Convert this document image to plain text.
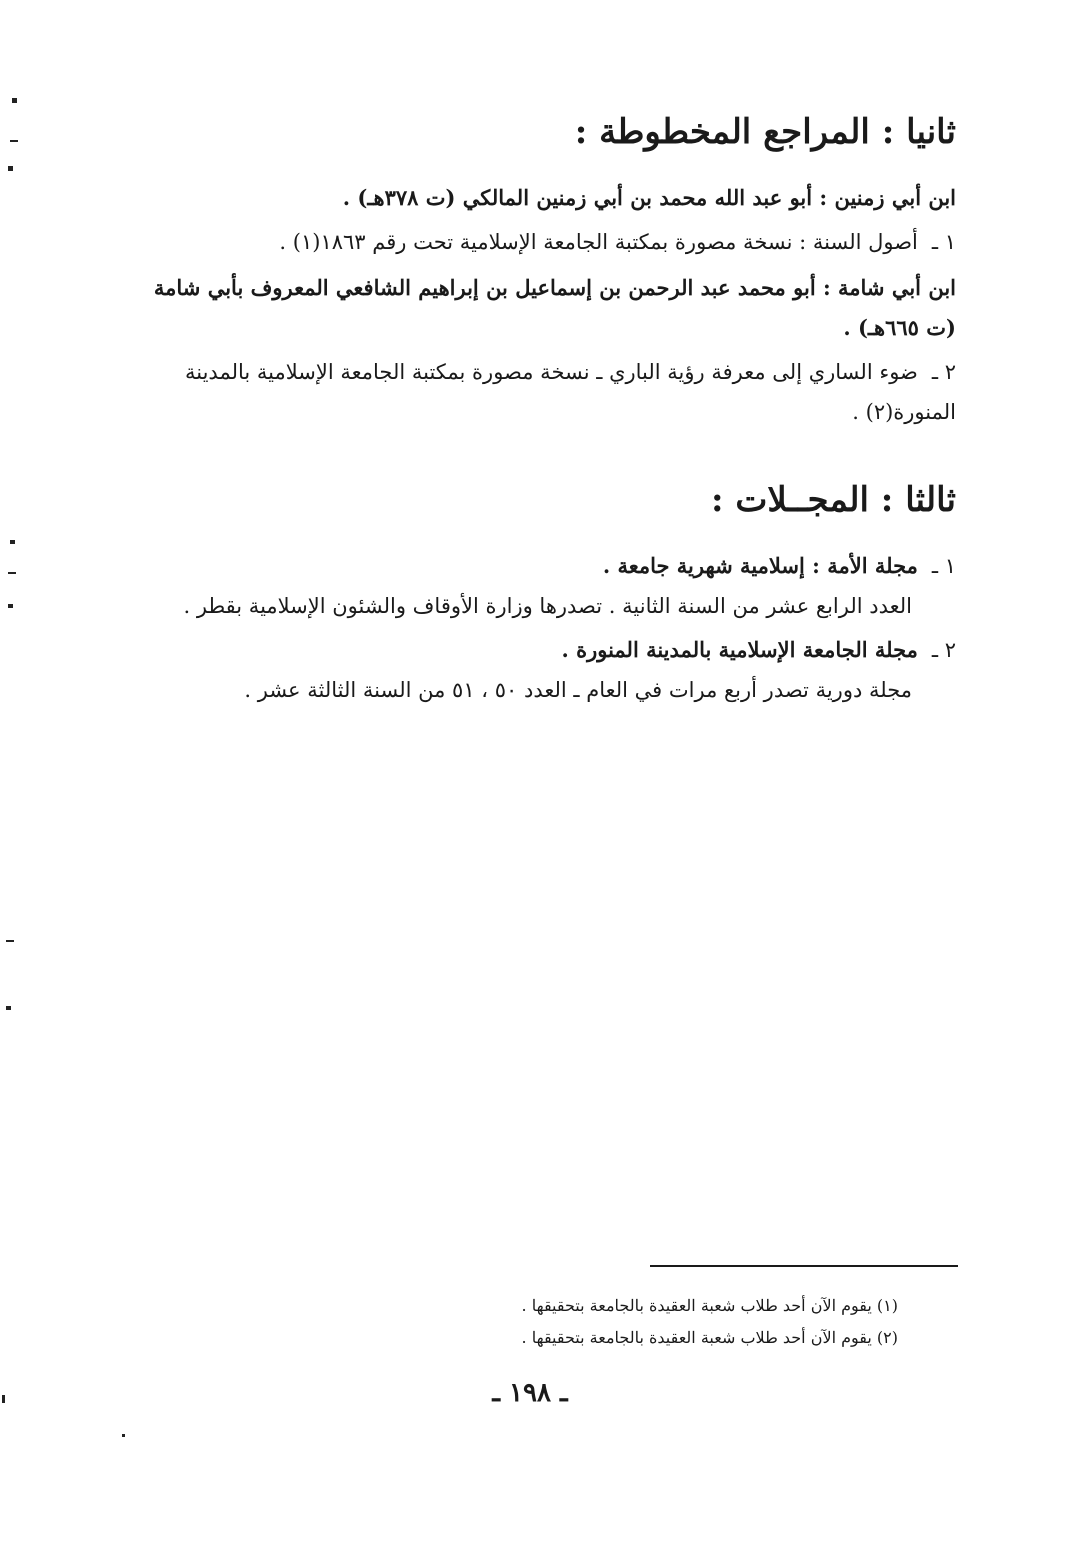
ثانيا : المراجع المخطوطة :
ابن أبي زمنين : أبو عبد الله محمد بن أبي زمنين المالكي (ت ٣٧٨هـ) .
١ ـأصول السنة : نسخة مصورة بمكتبة الجامعة الإسلامية تحت رقم ١٨٦٣(١) .
ابن أبي شامة : أبو محمد عبد الرحمن بن إسماعيل بن إبراهيم الشافعي المعروف بأبي شامة
(ت ٦٦٥هـ) .
٢ ـضوء الساري إلى معرفة رؤية الباري ـ نسخة مصورة بمكتبة الجامعة الإسلامية بالمدينة
المنورة(٢) .
ثالثا : المجــلات :
١ ـمجلة الأمة : إسلامية شهرية جامعة .
العدد الرابع عشر من السنة الثانية . تصدرها وزارة الأوقاف والشئون الإسلامية بقطر .
٢ ـمجلة الجامعة الإسلامية بالمدينة المنورة .
مجلة دورية تصدر أربع مرات في العام ـ العدد ٥٠ ، ٥١ من السنة الثالثة عشر .
(١) يقوم الآن أحد طلاب شعبة العقيدة بالجامعة بتحقيقها .
(٢) يقوم الآن أحد طلاب شعبة العقيدة بالجامعة بتحقيقها .
ـ ١٩٨ ـ
